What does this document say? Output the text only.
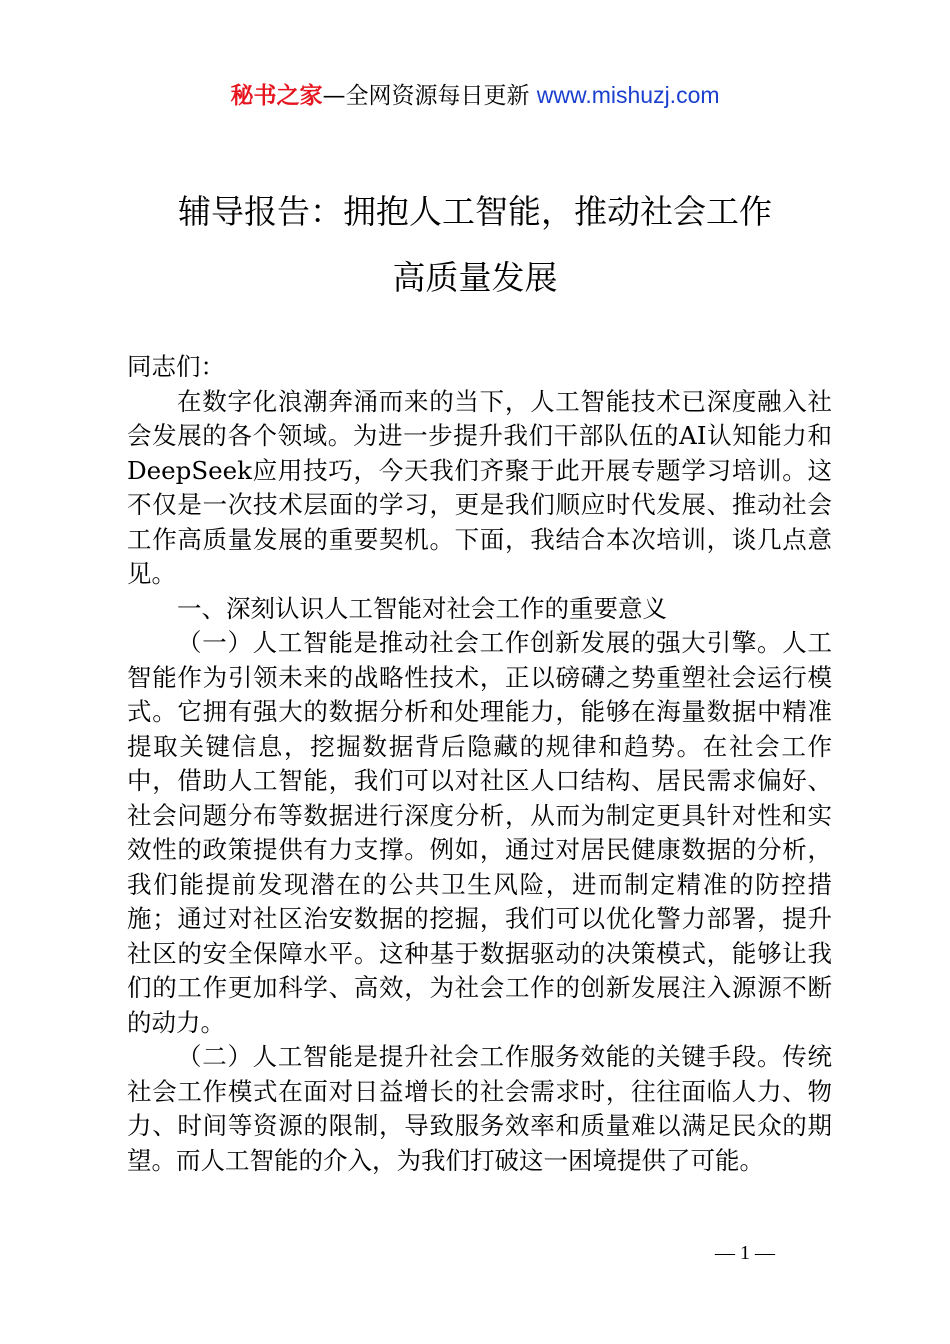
秘书之家—全网资源每日更新 www.mishuzj.com
辅导报告：拥抱人工智能，推动社会工作
高质量发展

同志们：

在数字化浪潮奔涌而来的当下，人工智能技术已深度融入社会发展的各个领域。为进一步提升我们干部队伍的AI认知能力和DeepSeek应用技巧，今天我们齐聚于此开展专题学习培训。这不仅是一次技术层面的学习，更是我们顺应时代发展、推动社会工作高质量发展的重要契机。下面，我结合本次培训，谈几点意见。

一、深刻认识人工智能对社会工作的重要意义

（一）人工智能是推动社会工作创新发展的强大引擎。人工智能作为引领未来的战略性技术，正以磅礴之势重塑社会运行模式。它拥有强大的数据分析和处理能力，能够在海量数据中精准提取关键信息，挖掘数据背后隐藏的规律和趋势。在社会工作中，借助人工智能，我们可以对社区人口结构、居民需求偏好、社会问题分布等数据进行深度分析，从而为制定更具针对性和实效性的政策提供有力支撑。例如，通过对居民健康数据的分析，我们能提前发现潜在的公共卫生风险，进而制定精准的防控措施；通过对社区治安数据的挖掘，我们可以优化警力部署，提升社区的安全保障水平。这种基于数据驱动的决策模式，能够让我们的工作更加科学、高效，为社会工作的创新发展注入源源不断的动力。

（二）人工智能是提升社会工作服务效能的关键手段。传统社会工作模式在面对日益增长的社会需求时，往往面临人力、物力、时间等资源的限制，导致服务效率和质量难以满足民众的期望。而人工智能的介入，为我们打破这一困境提供了可能。

— 1 —
